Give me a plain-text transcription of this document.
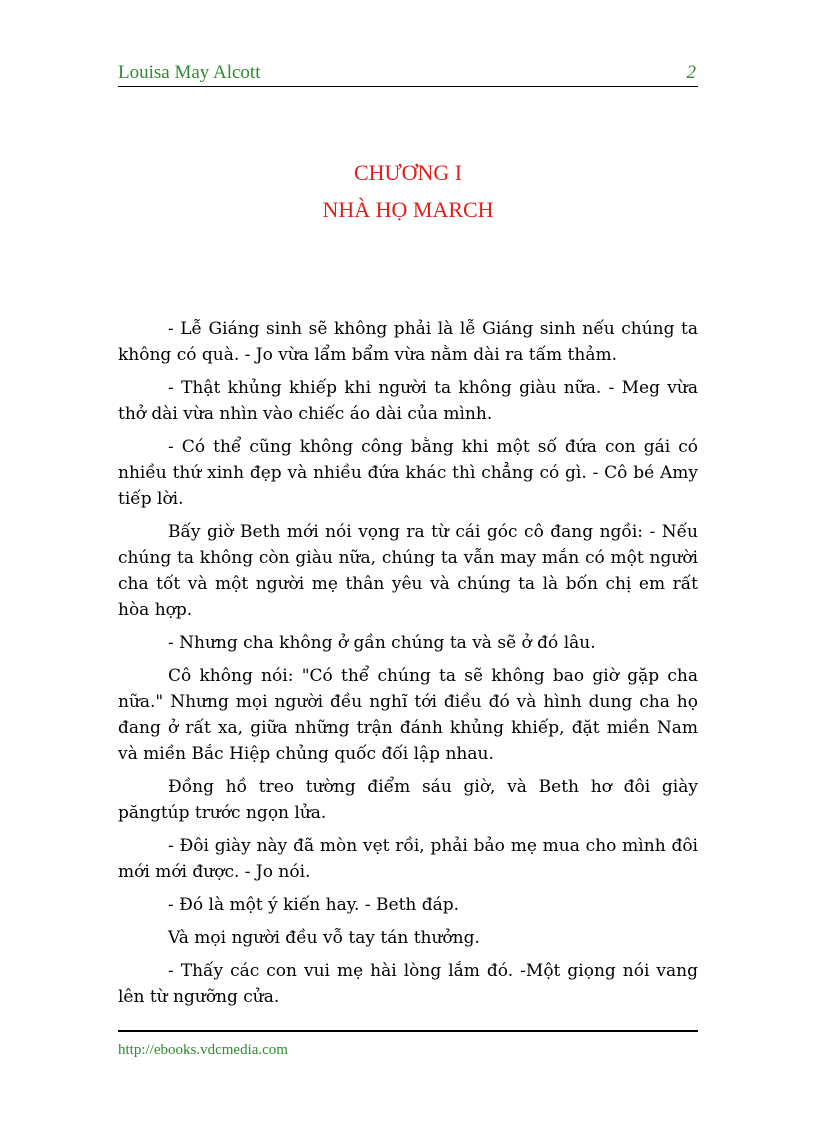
Louisa May Alcott	2
CHƯƠNG I
NHÀ HỌ MARCH

- Lễ Giáng sinh sẽ không phải là lễ Giáng sinh nếu chúng ta không có quà. - Jo vừa lẩm bẩm vừa nằm dài ra tấm thảm.

- Thật khủng khiếp khi người ta không giàu nữa. - Meg vừa thở dài vừa nhìn vào chiếc áo dài của mình.

- Có thể cũng không công bằng khi một số đứa con gái có nhiều thứ xinh đẹp và nhiều đứa khác thì chẳng có gì. - Cô bé Amy tiếp lời.

Bấy giờ Beth mới nói vọng ra từ cái góc cô đang ngồi: - Nếu chúng ta không còn giàu nữa, chúng ta vẫn may mắn có một người cha tốt và một người mẹ thân yêu và chúng ta là bốn chị em rất hòa hợp.

- Nhưng cha không ở gần chúng ta và sẽ ở đó lâu.

Cô không nói: "Có thể chúng ta sẽ không bao giờ gặp cha nữa." Nhưng mọi người đều nghĩ tới điều đó và hình dung cha họ đang ở rất xa, giữa những trận đánh khủng khiếp, đặt miền Nam và miền Bắc Hiệp chủng quốc đối lập nhau.

Đồng hồ treo tường điểm sáu giờ, và Beth hơ đôi giày păngtúp trước ngọn lửa.

- Đôi giày này đã mòn vẹt rồi, phải bảo mẹ mua cho mình đôi mới mới được. - Jo nói.

- Đó là một ý kiến hay. - Beth đáp.

Và mọi người đều vỗ tay tán thưởng.

- Thấy các con vui mẹ hài lòng lắm đó. -Một giọng nói vang lên từ ngưỡng cửa.

http://ebooks.vdcmedia.com
